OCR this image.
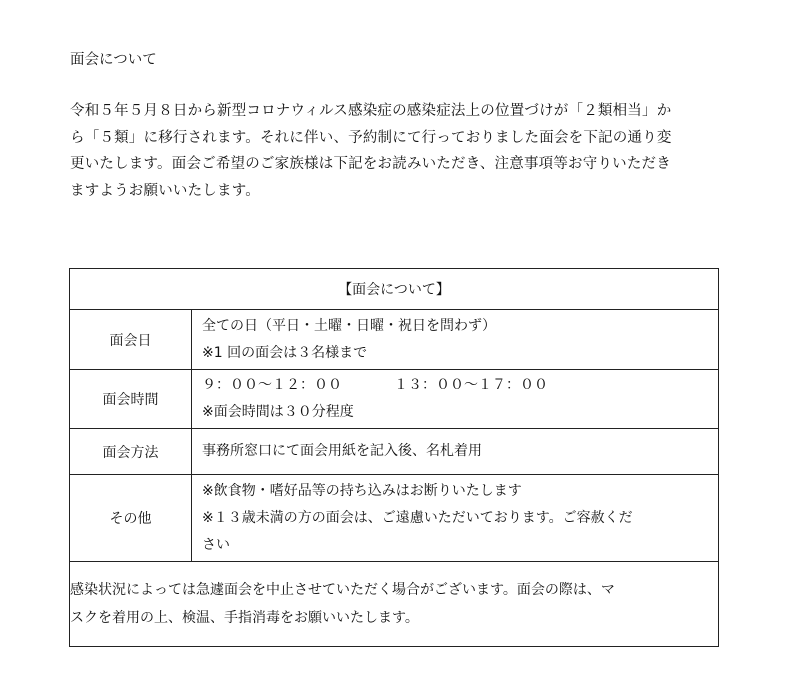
面会について

令和５年５月８日から新型コロナウィルス感染症の感染症法上の位置づけが「２類相当」か
ら「５類」に移行されます。それに伴い、予約制にて行っておりました面会を下記の通り変
更いたします。面会ご希望のご家族様は下記をお読みいただき、注意事項等お守りいただき
ますようお願いいたします。
【面会について】	
面会日	全ての日（平日・土曜・日曜・祝日を問わず）
※1 回の面会は３名様まで

面会時間	９：００～１２：００ １３：００～１７：００
※面会時間は３０分程度

面会方法	事務所窓口にて面会用紙を記入後、名札着用

その他	※飲食物・嗜好品等の持ち込みはお断りいたします
※１３歳未満の方の面会は、ご遠慮いただいております。ご容赦くだ
さい

感染状況によっては急遽面会を中止させていただく場合がございます。面会の際は、マ
スクを着用の上、検温、手指消毒をお願いいたします。	
